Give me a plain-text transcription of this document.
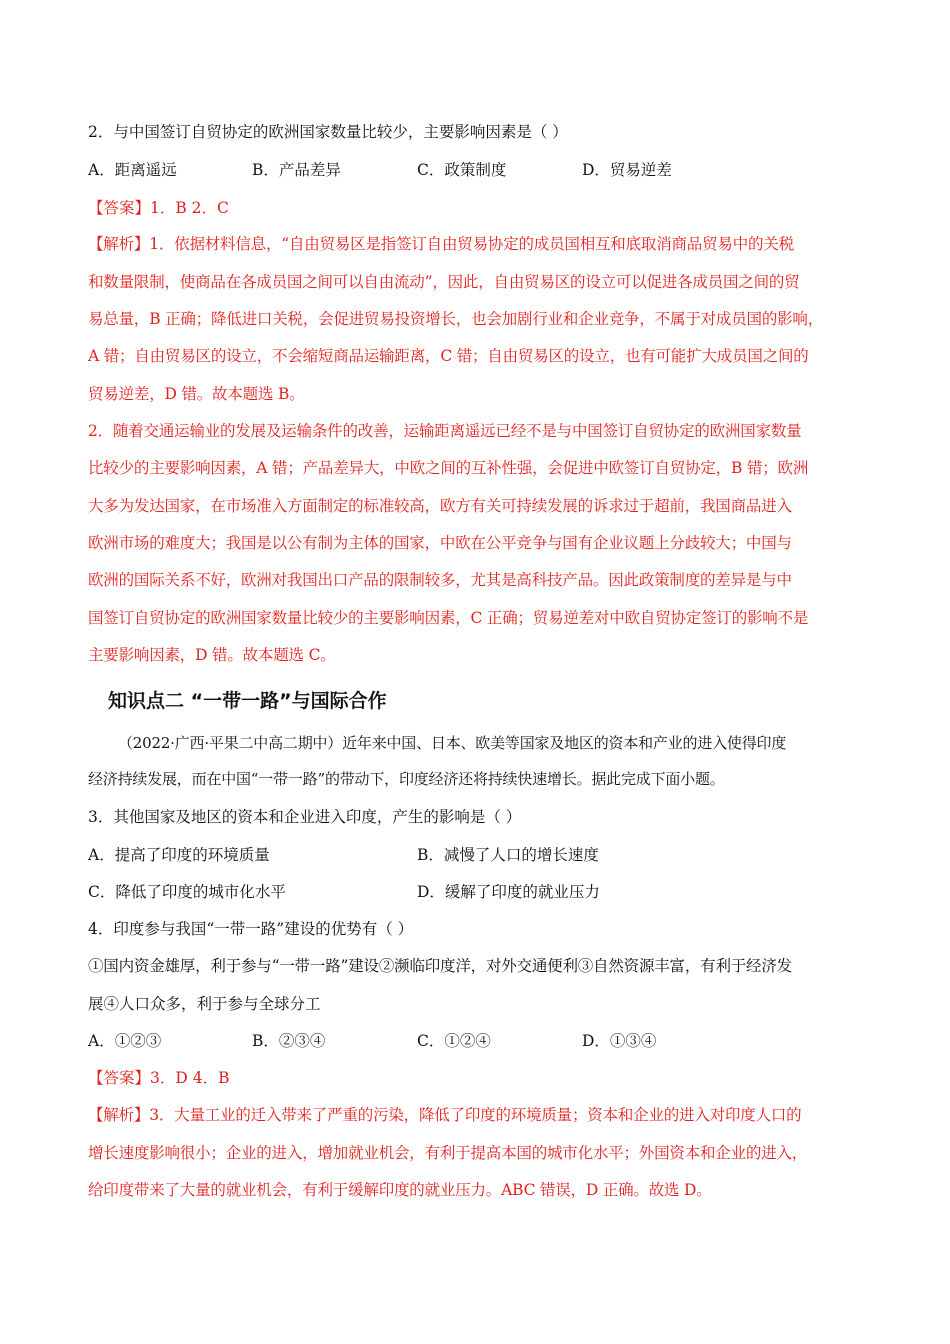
2．与中国签订自贸协定的欧洲国家数量比较少，主要影响因素是（ ）
A．距离遥远	B．产品差异	C．政策制度	D．贸易逆差
【答案】1．B 2．C
【解析】1．依据材料信息，“自由贸易区是指签订自由贸易协定的成员国相互和底取消商品贸易中的关税
和数量限制，使商品在各成员国之间可以自由流动”，因此，自由贸易区的设立可以促进各成员国之间的贸
易总量，B 正确；降低进口关税，会促进贸易投资增长，也会加剧行业和企业竞争，不属于对成员国的影响，
A 错；自由贸易区的设立，不会缩短商品运输距离，C 错；自由贸易区的设立，也有可能扩大成员国之间的
贸易逆差，D 错。故本题选 B。
2．随着交通运输业的发展及运输条件的改善，运输距离遥远已经不是与中国签订自贸协定的欧洲国家数量
比较少的主要影响因素，A 错；产品差异大，中欧之间的互补性强，会促进中欧签订自贸协定，B 错；欧洲
大多为发达国家，在市场准入方面制定的标准较高，欧方有关可持续发展的诉求过于超前，我国商品进入
欧洲市场的难度大；我国是以公有制为主体的国家，中欧在公平竞争与国有企业议题上分歧较大；中国与
欧洲的国际关系不好，欧洲对我国出口产品的限制较多，尤其是高科技产品。因此政策制度的差异是与中
国签订自贸协定的欧洲国家数量比较少的主要影响因素，C 正确；贸易逆差对中欧自贸协定签订的影响不是
主要影响因素，D 错。故本题选 C。
知识点二 “一带一路”与国际合作
（2022·广西·平果二中高二期中）近年来中国、日本、欧美等国家及地区的资本和产业的进入使得印度
经济持续发展，而在中国“一带一路”的带动下，印度经济还将持续快速增长。据此完成下面小题。
3．其他国家及地区的资本和企业进入印度，产生的影响是（ ）
A．提高了印度的环境质量	B．减慢了人口的增长速度
C．降低了印度的城市化水平	D．缓解了印度的就业压力
4．印度参与我国“一带一路”建设的优势有（ ）
①国内资金雄厚，利于参与“一带一路”建设②濒临印度洋，对外交通便利③自然资源丰富，有利于经济发
展④人口众多，利于参与全球分工
A．①②③	B．②③④	C．①②④	D．①③④
【答案】3．D 4．B
【解析】3．大量工业的迁入带来了严重的污染，降低了印度的环境质量；资本和企业的进入对印度人口的
增长速度影响很小；企业的进入，增加就业机会，有利于提高本国的城市化水平；外国资本和企业的进入，
给印度带来了大量的就业机会，有利于缓解印度的就业压力。ABC 错误，D 正确。故选 D。
